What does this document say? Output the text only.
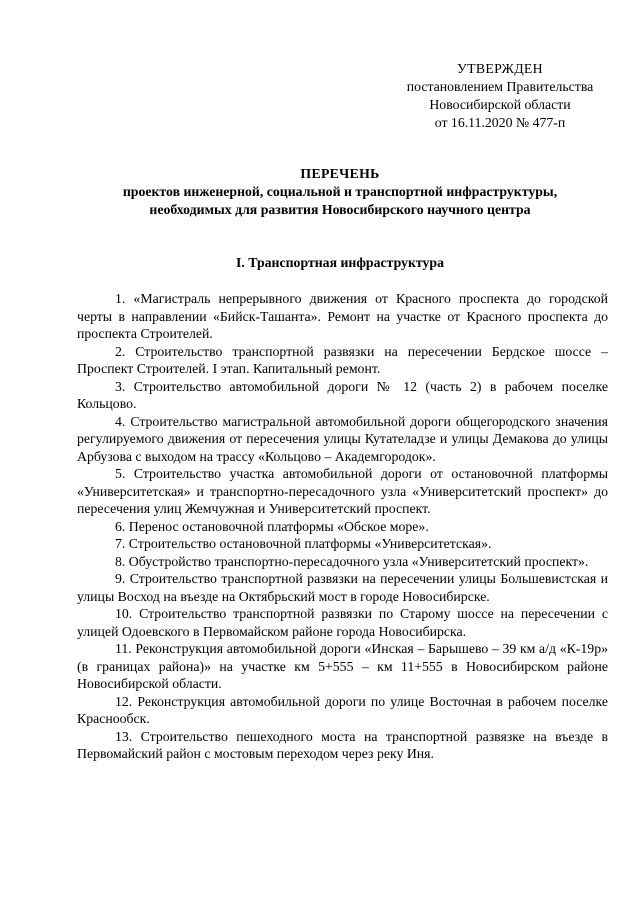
УТВЕРЖДЕН
постановлением Правительства
Новосибирской области
от 16.11.2020 № 477-п
ПЕРЕЧЕНЬ
проектов инженерной, социальной и транспортной инфраструктуры,
необходимых для развития Новосибирского научного центра
I. Транспортная инфраструктура

1. «Магистраль непрерывного движения от Красного проспекта до городской черты в направлении «Бийск-Ташанта». Ремонт на участке от Красного проспекта до проспекта Строителей.

2. Строительство транспортной развязки на пересечении Бердское шоссе – Проспект Строителей. I этап. Капитальный ремонт.

3. Строительство автомобильной дороги № 12 (часть 2) в рабочем поселке Кольцово.

4. Строительство магистральной автомобильной дороги общегородского значения регулируемого движения от пересечения улицы Кутателадзе и улицы Демакова до улицы Арбузова с выходом на трассу «Кольцово – Академгородок».

5. Строительство участка автомобильной дороги от остановочной платформы «Университетская» и транспортно-пересадочного узла «Университетский проспект» до пересечения улиц Жемчужная и Университетский проспект.

6. Перенос остановочной платформы «Обское море».

7. Строительство остановочной платформы «Университетская».

8. Обустройство транспортно-пересадочного узла «Университетский проспект».

9. Строительство транспортной развязки на пересечении улицы Большевистская и улицы Восход на въезде на Октябрьский мост в городе Новосибирске.

10. Строительство транспортной развязки по Старому шоссе на пересечении с улицей Одоевского в Первомайском районе города Новосибирска.

11. Реконструкция автомобильной дороги «Инская – Барышево – 39 км а/д «К-19р» (в границах района)» на участке км 5+555 – км 11+555 в Новосибирском районе Новосибирской области.

12. Реконструкция автомобильной дороги по улице Восточная в рабочем поселке Краснообск.

13. Строительство пешеходного моста на транспортной развязке на въезде в Первомайский район с мостовым переходом через реку Иня.
